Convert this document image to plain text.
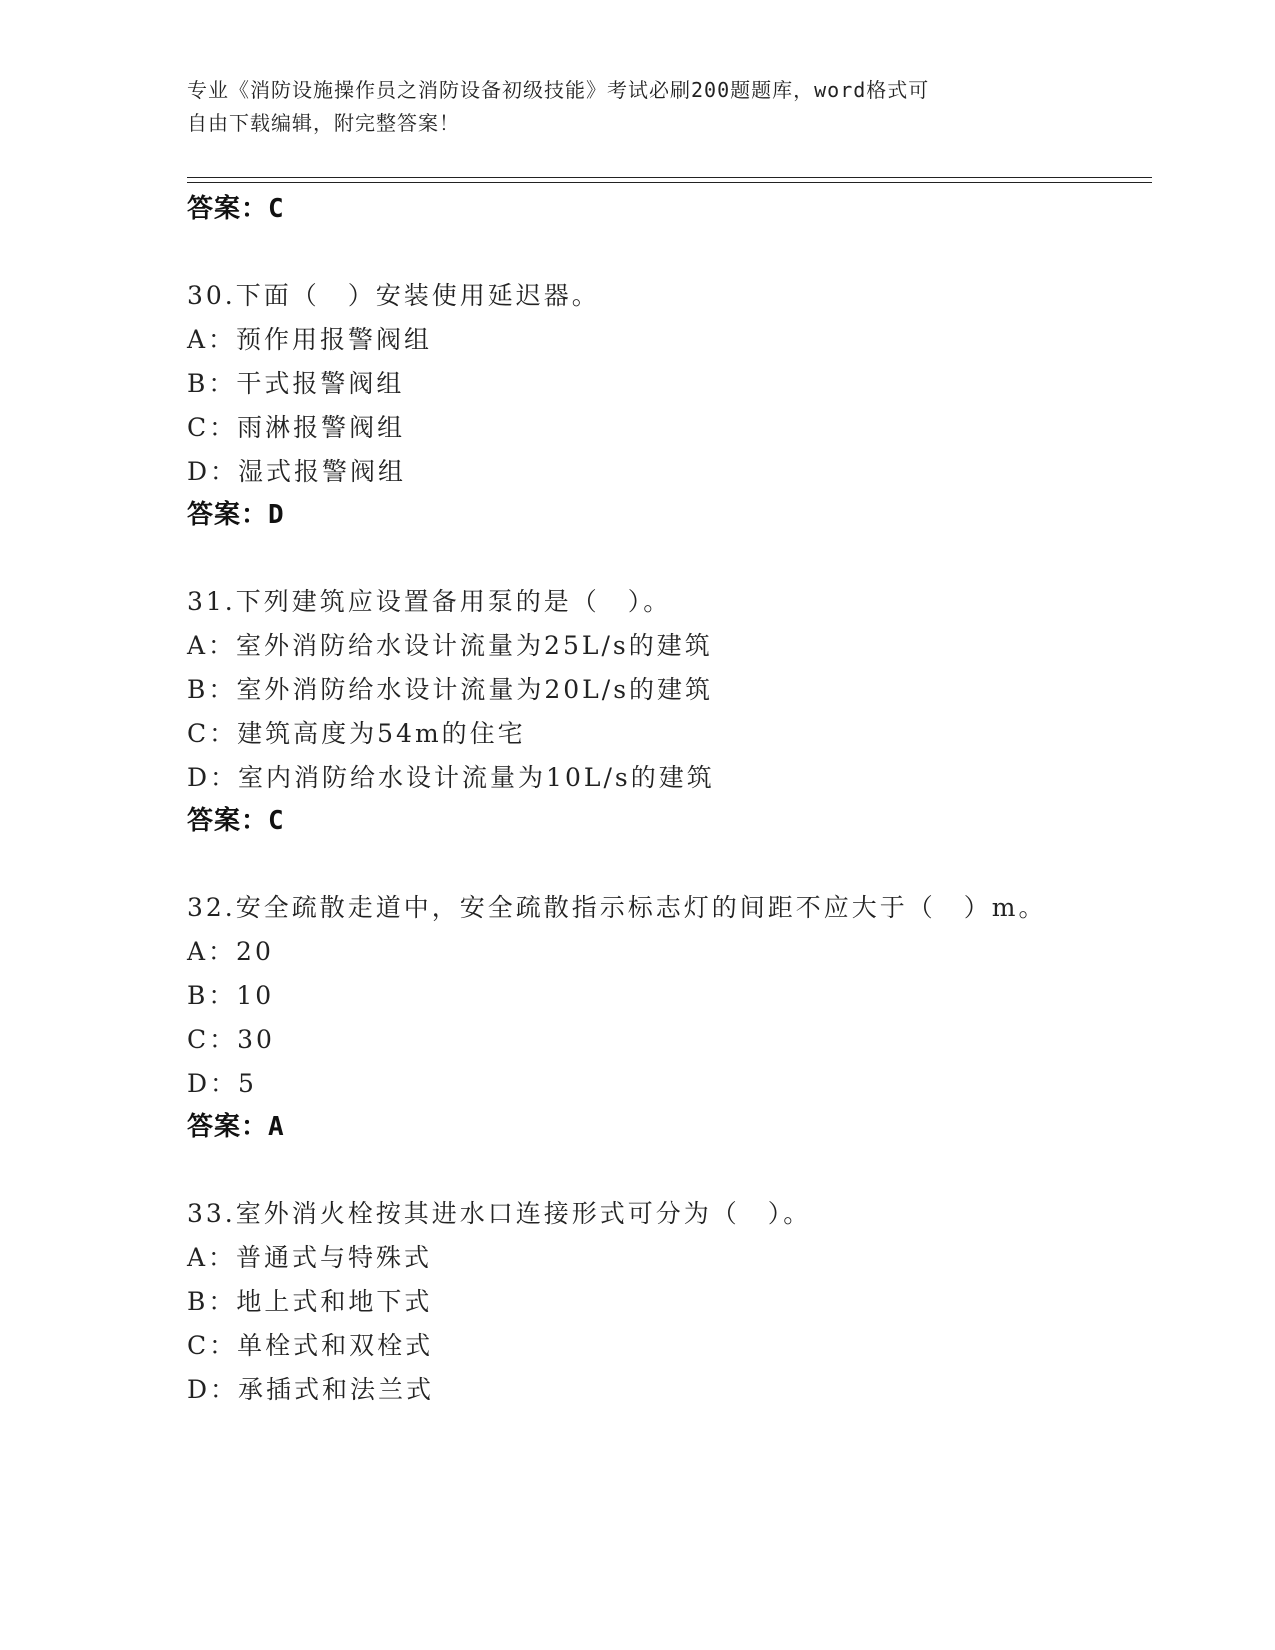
专业《消防设施操作员之消防设备初级技能》考试必刷200题题库，word格式可
自由下载编辑，附完整答案！
答案：C
30.下面（　）安装使用延迟器。
A：预作用报警阀组
B：干式报警阀组
C：雨淋报警阀组
D：湿式报警阀组
答案：D
31.下列建筑应设置备用泵的是（　）。
A：室外消防给水设计流量为25L/s的建筑
B：室外消防给水设计流量为20L/s的建筑
C：建筑高度为54m的住宅
D：室内消防给水设计流量为10L/s的建筑
答案：C
32.安全疏散走道中，安全疏散指示标志灯的间距不应大于（　）m。
A：20
B：10
C：30
D：5
答案：A
33.室外消火栓按其进水口连接形式可分为（　）。
A：普通式与特殊式
B：地上式和地下式
C：单栓式和双栓式
D：承插式和法兰式
